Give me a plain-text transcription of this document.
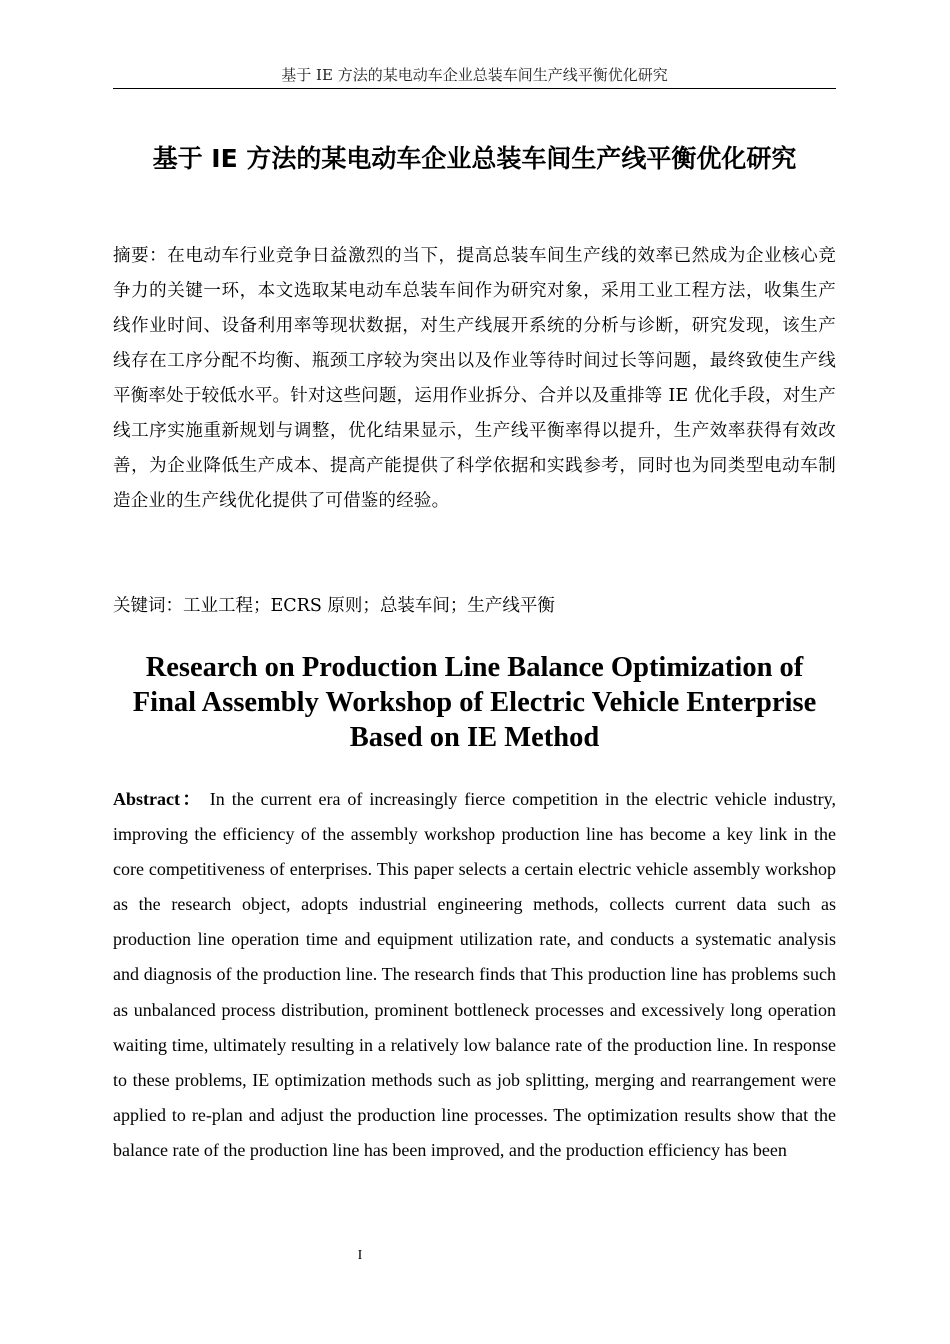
基于 IE 方法的某电动车企业总装车间生产线平衡优化研究
基于 IE 方法的某电动车企业总装车间生产线平衡优化研究

摘要：在电动车行业竞争日益激烈的当下，提高总装车间生产线的效率已然成为企业核心竞争力的关键一环，本文选取某电动车总装车间作为研究对象，采用工业工程方法，收集生产线作业时间、设备利用率等现状数据，对生产线展开系统的分析与诊断，研究发现，该生产线存在工序分配不均衡、瓶颈工序较为突出以及作业等待时间过长等问题，最终致使生产线平衡率处于较低水平。针对这些问题，运用作业拆分、合并以及重排等 IE 优化手段，对生产线工序实施重新规划与调整，优化结果显示，生产线平衡率得以提升，生产效率获得有效改善，为企业降低生产成本、提高产能提供了科学依据和实践参考，同时也为同类型电动车制造企业的生产线优化提供了可借鉴的经验。

关键词：工业工程；ECRS 原则；总装车间；生产线平衡

Research on Production Line Balance Optimization of Final Assembly Workshop of Electric Vehicle Enterprise Based on IE Method

Abstract： In the current era of increasingly fierce competition in the electric vehicle industry, improving the efficiency of the assembly workshop production line has become a key link in the core competitiveness of enterprises. This paper selects a certain electric vehicle assembly workshop as the research object, adopts industrial engineering methods, collects current data such as production line operation time and equipment utilization rate, and conducts a systematic analysis and diagnosis of the production line. The research finds that This production line has problems such as unbalanced process distribution, prominent bottleneck processes and excessively long operation waiting time, ultimately resulting in a relatively low balance rate of the production line. In response to these problems, IE optimization methods such as job splitting, merging and rearrangement were applied to re-plan and adjust the production line processes. The optimization results show that the balance rate of the production line has been improved, and the production efficiency has been

I
